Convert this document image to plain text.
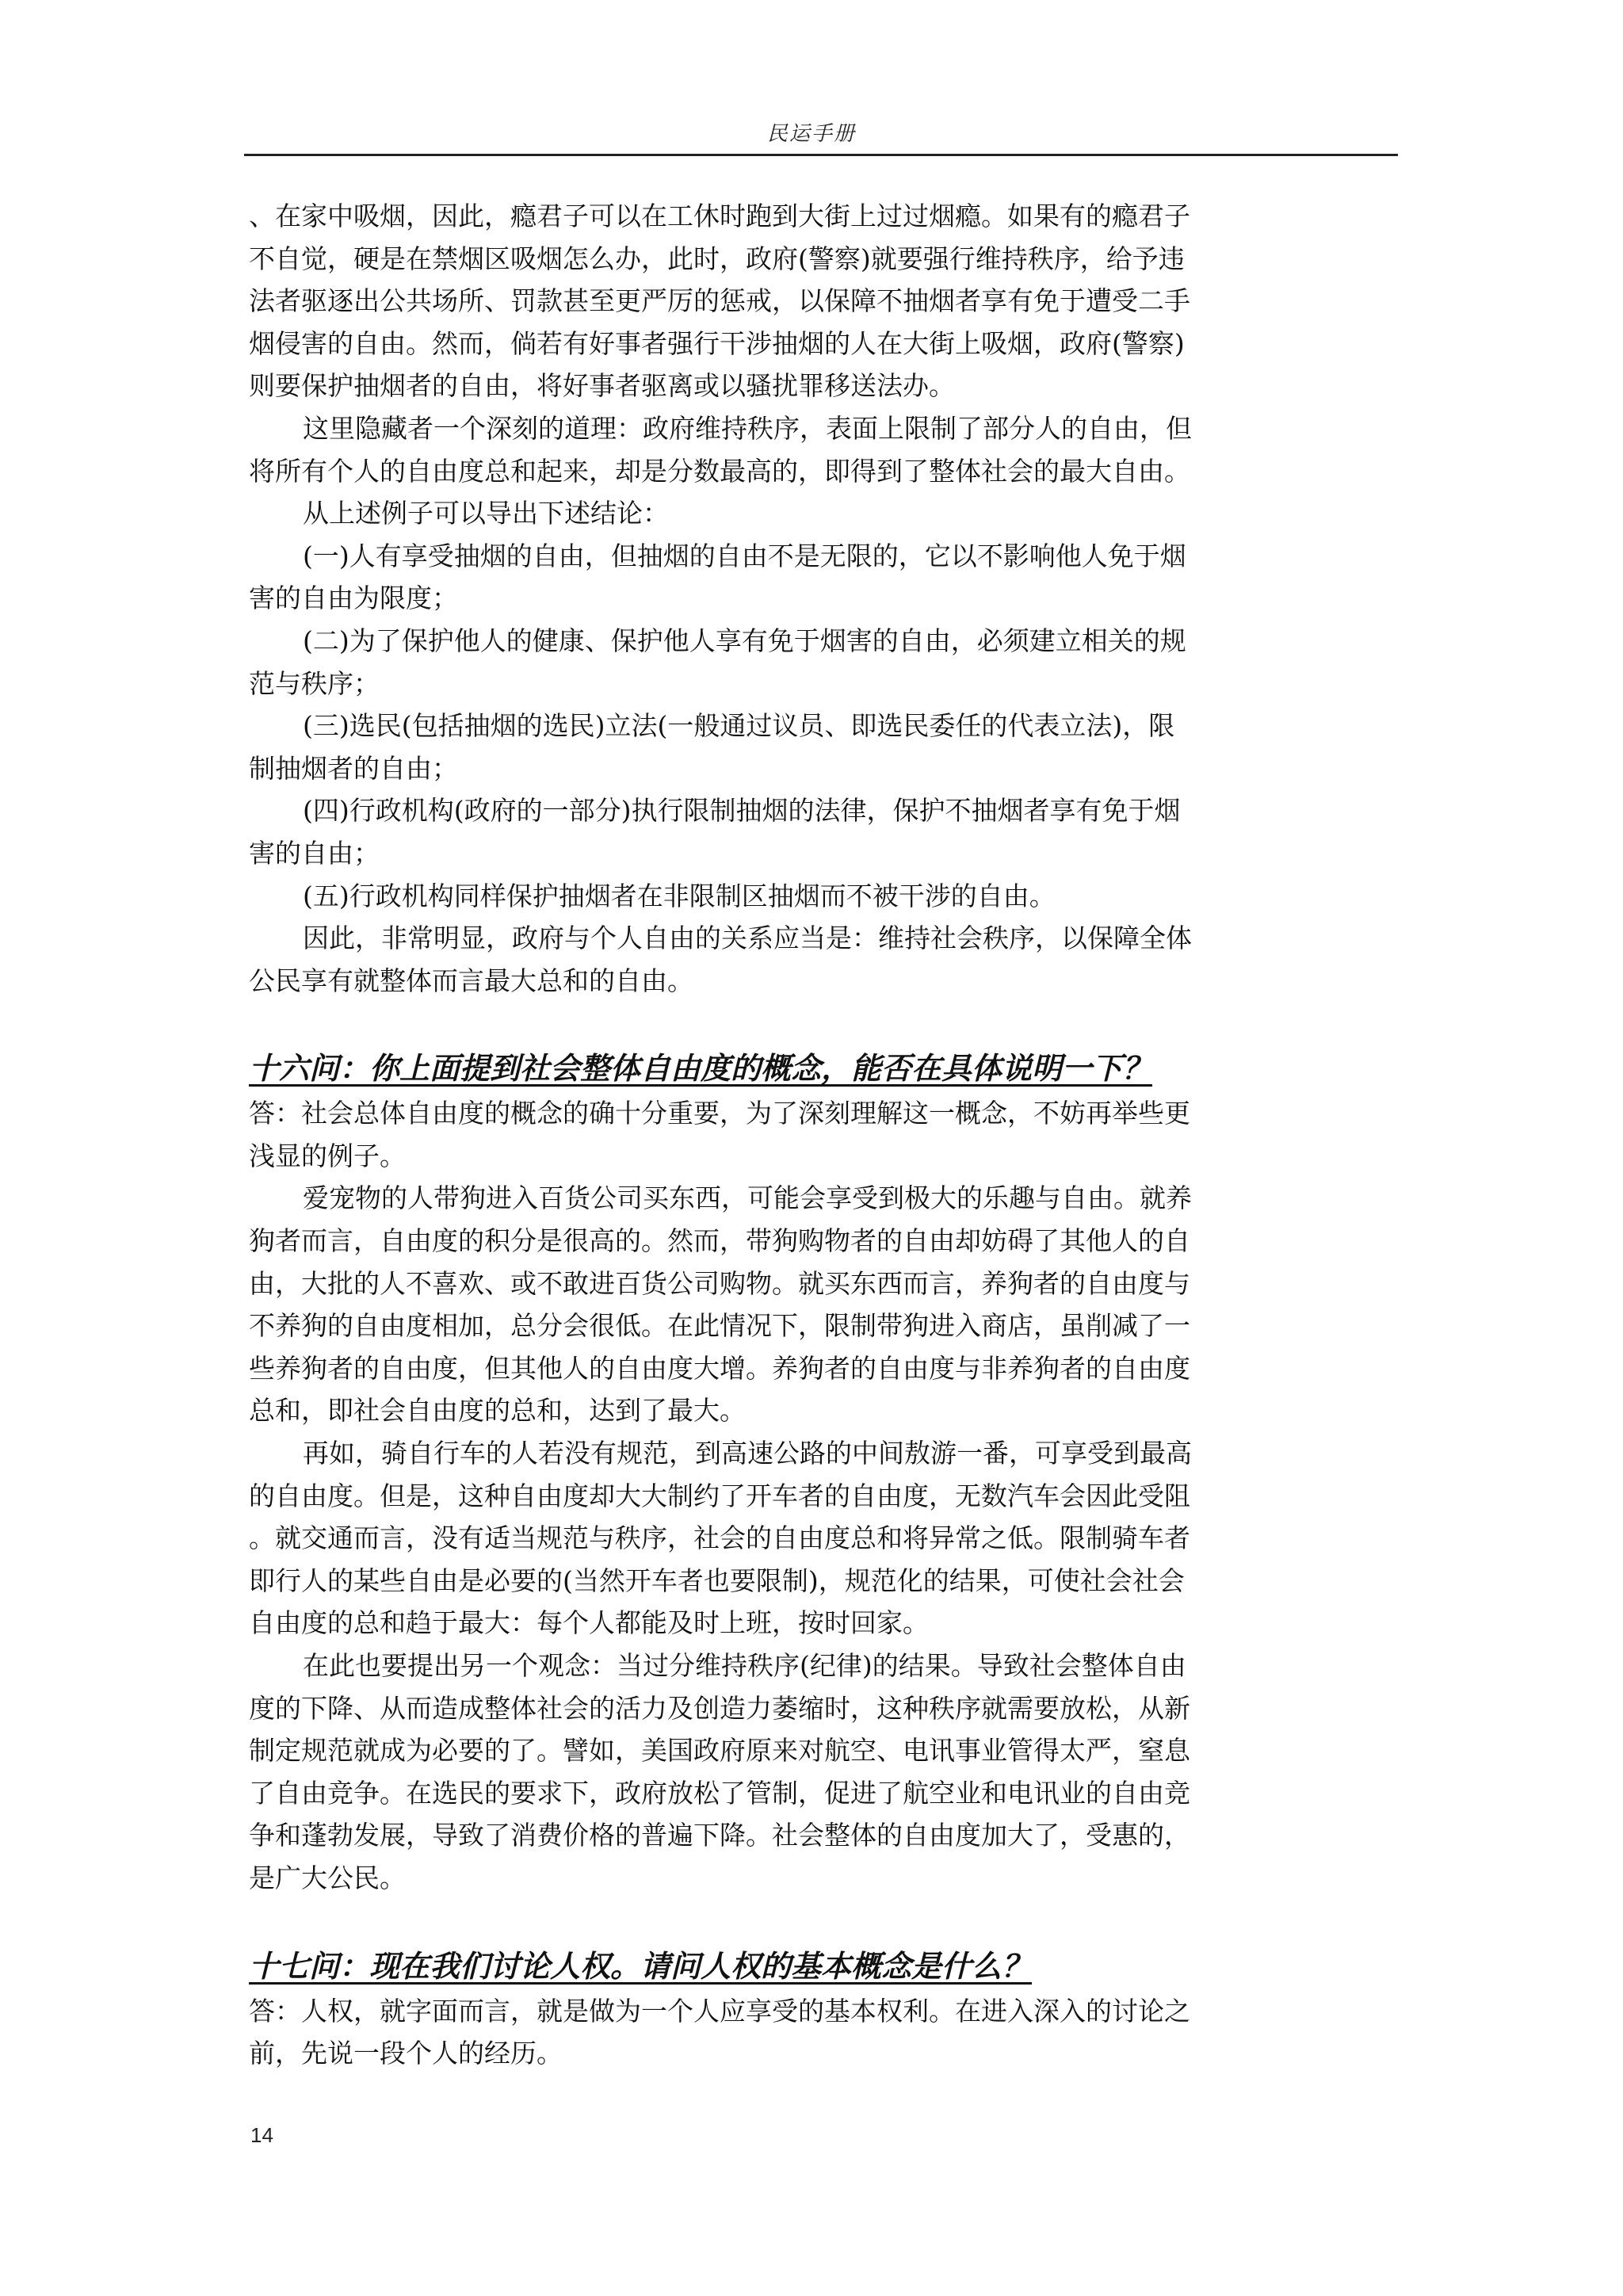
民运手册
、在家中吸烟，因此，瘾君子可以在工休时跑到大街上过过烟瘾。如果有的瘾君子
不自觉，硬是在禁烟区吸烟怎么办，此时，政府(警察)就要强行维持秩序，给予违
法者驱逐出公共场所、罚款甚至更严厉的惩戒，以保障不抽烟者享有免于遭受二手
烟侵害的自由。然而，倘若有好事者强行干涉抽烟的人在大街上吸烟，政府(警察)
则要保护抽烟者的自由，将好事者驱离或以骚扰罪移送法办。
这里隐藏者一个深刻的道理：政府维持秩序，表面上限制了部分人的自由，但
将所有个人的自由度总和起来，却是分数最高的，即得到了整体社会的最大自由。
从上述例子可以导出下述结论：
(一)人有享受抽烟的自由，但抽烟的自由不是无限的，它以不影响他人免于烟
害的自由为限度；
(二)为了保护他人的健康、保护他人享有免于烟害的自由，必须建立相关的规
范与秩序；
(三)选民(包括抽烟的选民)立法(一般通过议员、即选民委任的代表立法)，限
制抽烟者的自由；
(四)行政机构(政府的一部分)执行限制抽烟的法律，保护不抽烟者享有免于烟
害的自由；
(五)行政机构同样保护抽烟者在非限制区抽烟而不被干涉的自由。
因此，非常明显，政府与个人自由的关系应当是：维持社会秩序，以保障全体
公民享有就整体而言最大总和的自由。
十六问：你上面提到社会整体自由度的概念，能否在具体说明一下？
答：社会总体自由度的概念的确十分重要，为了深刻理解这一概念，不妨再举些更
浅显的例子。
爱宠物的人带狗进入百货公司买东西，可能会享受到极大的乐趣与自由。就养
狗者而言，自由度的积分是很高的。然而，带狗购物者的自由却妨碍了其他人的自
由，大批的人不喜欢、或不敢进百货公司购物。就买东西而言，养狗者的自由度与
不养狗的自由度相加，总分会很低。在此情况下，限制带狗进入商店，虽削减了一
些养狗者的自由度，但其他人的自由度大增。养狗者的自由度与非养狗者的自由度
总和，即社会自由度的总和，达到了最大。
再如，骑自行车的人若没有规范，到高速公路的中间敖游一番，可享受到最高
的自由度。但是，这种自由度却大大制约了开车者的自由度，无数汽车会因此受阻
。就交通而言，没有适当规范与秩序，社会的自由度总和将异常之低。限制骑车者
即行人的某些自由是必要的(当然开车者也要限制)，规范化的结果，可使社会社会
自由度的总和趋于最大：每个人都能及时上班，按时回家。
在此也要提出另一个观念：当过分维持秩序(纪律)的结果。导致社会整体自由
度的下降、从而造成整体社会的活力及创造力萎缩时，这种秩序就需要放松，从新
制定规范就成为必要的了。譬如，美国政府原来对航空、电讯事业管得太严，窒息
了自由竞争。在选民的要求下，政府放松了管制，促进了航空业和电讯业的自由竞
争和蓬勃发展，导致了消费价格的普遍下降。社会整体的自由度加大了，受惠的，
是广大公民。
十七问：现在我们讨论人权。请问人权的基本概念是什么？
答：人权，就字面而言，就是做为一个人应享受的基本权利。在进入深入的讨论之
前，先说一段个人的经历。
14
